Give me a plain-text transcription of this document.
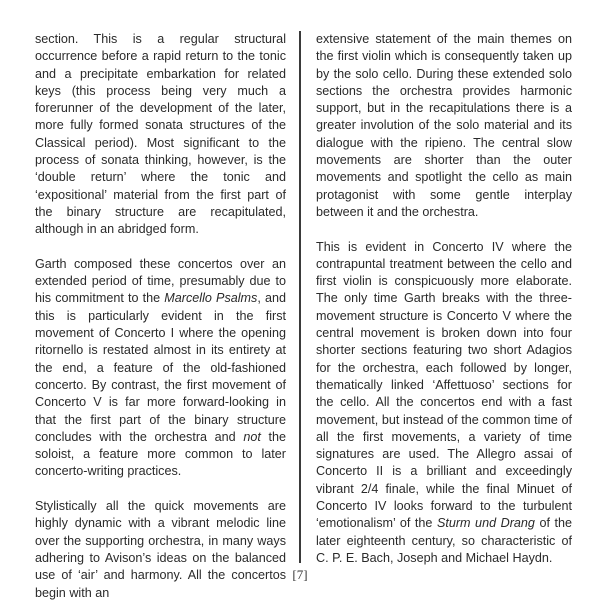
section. This is a regular structural occurrence before a rapid return to the tonic and a precipitate embarkation for related keys (this process being very much a forerunner of the development of the later, more fully formed sonata structures of the Classical period). Most significant to the process of sonata thinking, however, is the ‘double return’ where the tonic and ‘expositional’ material from the first part of the binary structure are recapitulated, although in an abridged form.

Garth composed these concertos over an extended period of time, presumably due to his commitment to the Marcello Psalms, and this is particularly evident in the first movement of Concerto I where the opening ritornello is restated almost in its entirety at the end, a feature of the old-fashioned concerto. By contrast, the first movement of Concerto V is far more forward-looking in that the first part of the binary structure concludes with the orchestra and not the soloist, a feature more common to later concerto-writing practices.

Stylistically all the quick movements are highly dynamic with a vibrant melodic line over the supporting orchestra, in many ways adhering to Avison’s ideas on the balanced use of ‘air’ and harmony. All the concertos begin with an

extensive statement of the main themes on the first violin which is consequently taken up by the solo cello. During these extended solo sections the orchestra provides harmonic support, but in the recapitulations there is a greater involution of the solo material and its dialogue with the ripieno. The central slow movements are shorter than the outer movements and spotlight the cello as main protagonist with some gentle interplay between it and the orchestra.

This is evident in Concerto IV where the contrapuntal treatment between the cello and first violin is conspicuously more elaborate. The only time Garth breaks with the three-movement structure is Concerto V where the central movement is broken down into four shorter sections featuring two short Adagios for the orchestra, each followed by longer, thematically linked ‘Affettuoso’ sections for the cello. All the concertos end with a fast movement, but instead of the common time of all the first movements, a variety of time signatures are used. The Allegro assai of Concerto II is a brilliant and exceedingly vibrant 2/4 finale, while the final Minuet of Concerto IV looks forward to the turbulent ‘emotionalism’ of the Sturm und Drang of the later eighteenth century, so characteristic of C. P. E. Bach, Joseph and Michael Haydn.

[7]
